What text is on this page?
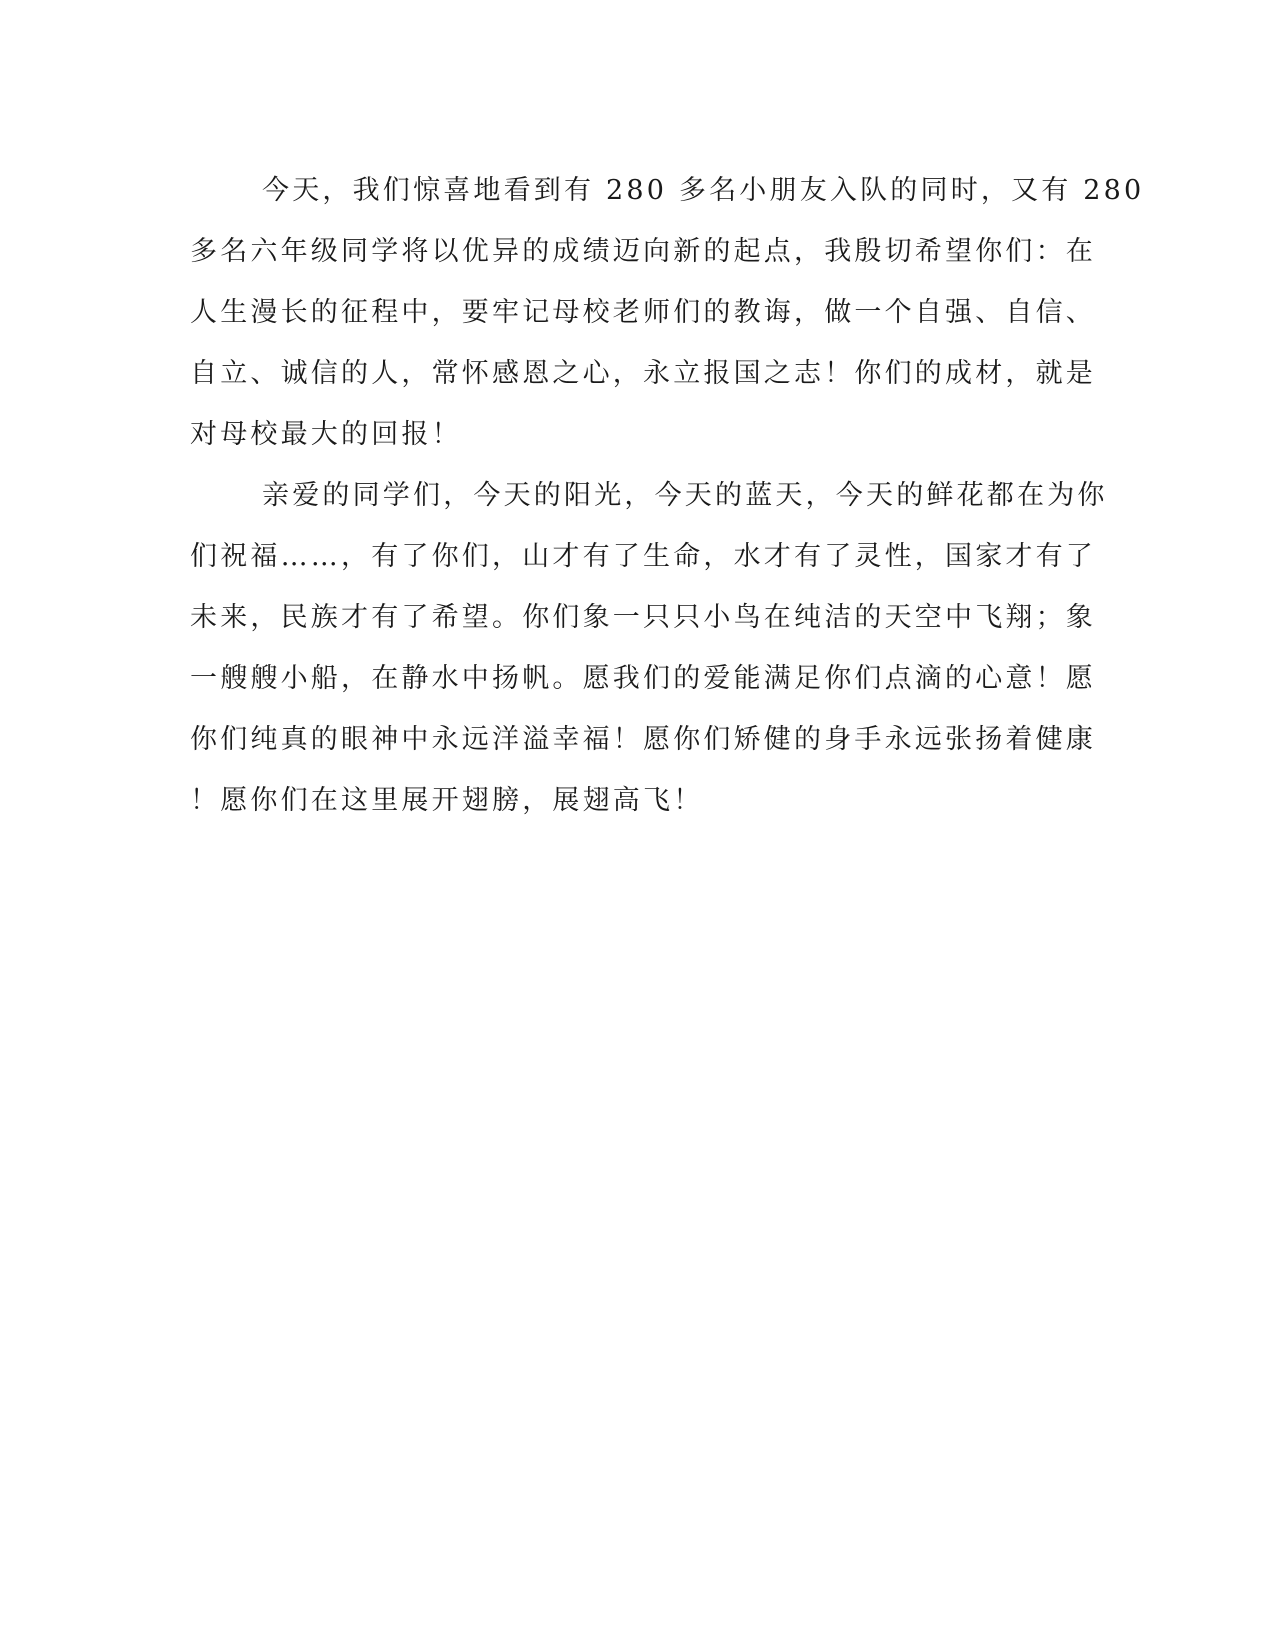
今天，我们惊喜地看到有 280 多名小朋友入队的同时，又有 280
多名六年级同学将以优异的成绩迈向新的起点，我殷切希望你们：在
人生漫长的征程中，要牢记母校老师们的教诲，做一个自强、自信、
自立、诚信的人，常怀感恩之心，永立报国之志！你们的成材，就是
对母校最大的回报！
亲爱的同学们，今天的阳光，今天的蓝天，今天的鲜花都在为你
们祝福……，有了你们，山才有了生命，水才有了灵性，国家才有了
未来，民族才有了希望。你们象一只只小鸟在纯洁的天空中飞翔；象
一艘艘小船，在静水中扬帆。愿我们的爱能满足你们点滴的心意！愿
你们纯真的眼神中永远洋溢幸福！愿你们矫健的身手永远张扬着健康
！愿你们在这里展开翅膀，展翅高飞！
